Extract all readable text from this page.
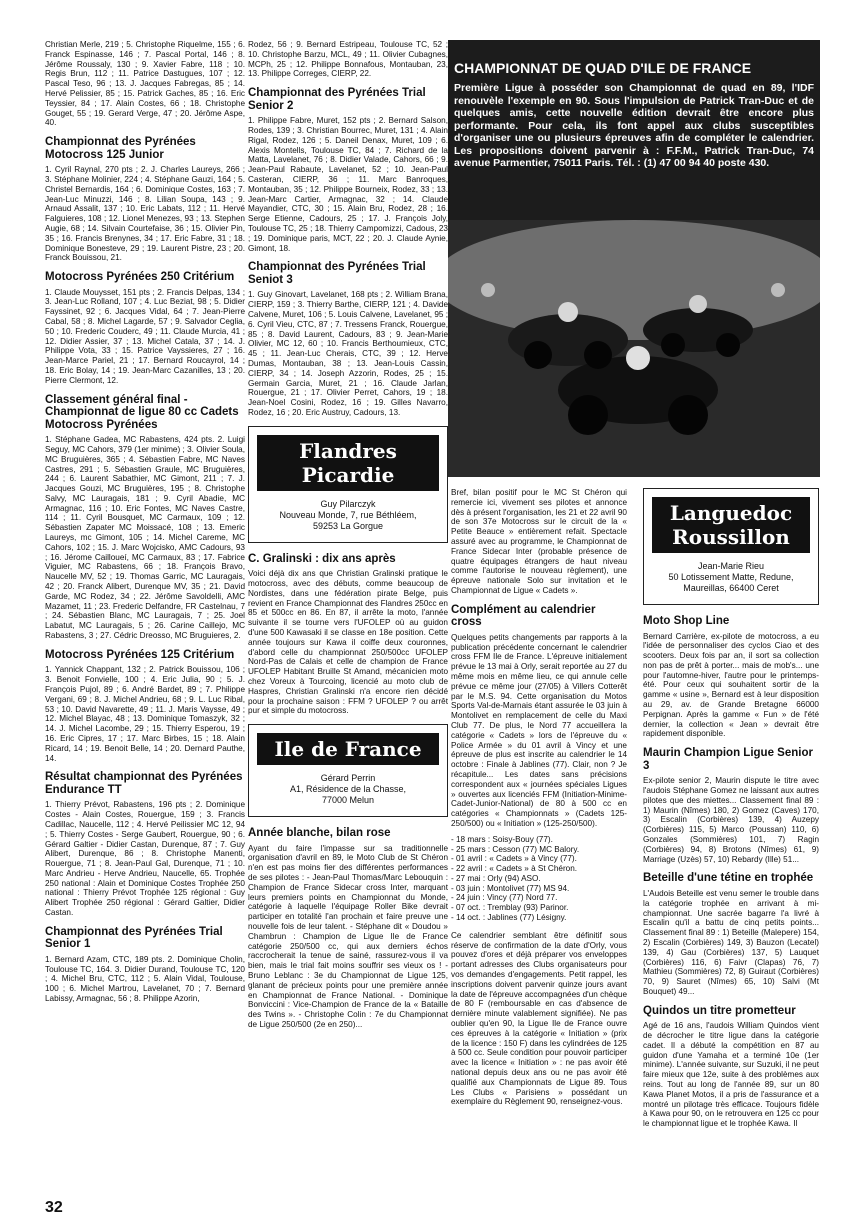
Christian Merle, 219 ; 5. Christophe Riquelme, 155 ; 6. Franck Espinasse, 146 ; 7. Pascal Portal, 146 ; 8. Jérôme Roussaly, 130 ; 9. Xavier Fabre, 118 ; 10. Regis Brun, 112 ; 11. Patrice Dastugues, 107 ; 12. Pascal Teso, 96 ; 13. J. Jacques Fabregas, 85 ; 14. Hervé Pelissier, 85 ; 15. Patrick Gaches, 85 ; 16. Eric Teyssier, 84 ; 17. Alain Costes, 66 ; 18. Christophe Gouget, 55 ; 19. Gerard Verge, 47 ; 20. Jérôme Aspe, 40.

Championnat des Pyrénées Motocross 125 Junior

1. Cyril Raynal, 270 pts ; 2. J. Charles Laureys, 266 ; 3. Stéphane Molinier, 224 ; 4. Stéphane Gauzi, 164 ; 5. Christel Bernardis, 164 ; 6. Dominique Costes, 163 ; 7. Jean-Luc Minuzzi, 146 ; 8. Lilian Soupa, 143 ; 9. Arnaud Assalit, 137 ; 10. Eric Labats, 112 ; 11. Hervé Falguieres, 108 ; 12. Lionel Menezes, 93 ; 13. Stephen Augie, 68 ; 14. Silvain Courtefaise, 36 ; 15. Olivier Pin, 35 ; 16. Francis Brenynes, 34 ; 17. Eric Fabre, 31 ; 18. Dominique Bonesteve, 29 ; 19. Laurent Pistre, 23 ; 20. Franck Bouissou, 21.

Motocross Pyrénées 250 Critérium

1. Claude Mouysset, 151 pts ; 2. Francis Delpas, 134 ; 3. Jean-Luc Rolland, 107 ; 4. Luc Beziat, 98 ; 5. Didier Fayssinet, 92 ; 6. Jacques Vidal, 64 ; 7. Jean-Pierre Cabal, 58 ; 8. Michel Lagarde, 57 ; 9. Salvador Ceglia, 50 ; 10. Frederic Couderc, 49 ; 11. Claude Murcia, 41 ; 12. Didier Assier, 37 ; 13. Michel Catala, 37 ; 14. J. Philippe Vota, 33 ; 15. Patrice Vayssieres, 27 ; 16. Jean-Marce Pariel, 21 ; 17. Bernard Roucayrol, 14 ; 18. Eric Bolay, 14 ; 19. Jean-Marc Cazanilles, 13 ; 20. Pierre Clermont, 12.

Classement général final - Championnat de ligue 80 cc Cadets Motocross Pyrénées

1. Stéphane Gadea, MC Rabastens, 424 pts. 2. Luigi Seguy, MC Cahors, 379 (1er minime) ; 3. Olivier Soula, MC Bruguières, 365 ; 4. Sébastien Fabre, MC Naves Castres, 291 ; 5. Sébastien Graule, MC Bruguières, 244 ; 6. Laurent Sabathier, MC Gimont, 211 ; 7. J. Jacques Gouzi, MC Bruguières, 195 ; 8. Christophe Salvy, MC Lauragais, 181 ; 9. Cyril Abadie, MC Armagnac, 116 ; 10. Eric Fontes, MC Naves Castre, 114 ; 11. Cyril Bousquet, MC Carmaux, 109 ; 12. Sébastien Zapater MC Moissacé, 108 ; 13. Emeric Laureys, mc Gimont, 105 ; 14. Michel Careme, MC Cahors, 102 ; 15. J. Marc Wojcisko, AMC Cadours, 93 ; 16. Jérome Cailloueí, MC Carmaux, 83 ; 17. Fabrice Viguier, MC Rabastens, 66 ; 18. François Bravo, Naucelle MV, 52 ; 19. Thomas Garric, MC Lauragais, 42 ; 20. Franck Alibert, Durenque MV, 35 ; 21. David Garde, MC Rodez, 34 ; 22. Jérôme Savoldelli, AMC Mazamet, 11 ; 23. Frederic Delfandre, FR Castelnau, 7 ; 24. Sébastien Blanc, MC Lauragais, 7 ; 25. Joel Labatut, MC Lauragais, 5 ; 26. Carine Caillejo, MC Rabastens, 3 ; 27. Cédric Dreosso, MC Bruguieres, 2.

Motocross Pyrénées 125 Critérium

1. Yannick Chappant, 132 ; 2. Patrick Bouissou, 106 ; 3. Benoit Fonvielle, 100 ; 4. Eric Julia, 90 ; 5. J. François Pujol, 89 ; 6. André Bardet, 89 ; 7. Philippe Vergani, 69 ; 8. J. Michel Andrieu, 68 ; 9. L. Luc Ribal, 53 ; 10. David Navarette, 49 ; 11. J. Maris Vaysse, 49 ; 12. Michel Blayac, 48 ; 13. Dominique Tomaszyk, 32 ; 14. J. Michel Lacombe, 29 ; 15. Thierry Esperou, 19 ; 16. Eric Cipres, 17 ; 17. Marc Birbes, 15 ; 18. Alain Ricard, 14 ; 19. Benoit Belle, 14 ; 20. Dernard Pauthe, 14.

Résultat championnat des Pyrénées Endurance TT

1. Thierry Prévot, Rabastens, 196 pts ; 2. Dominique Costes - Alain Costes, Rouergue, 159 ; 3. Francis Cadillac, Naucelle, 112 ; 4. Hervé Peilissier MC 12, 94 ; 5. Thierry Costes - Serge Gaubert, Rouergue, 90 ; 6. Gérard Galtier - Didier Castan, Durenque, 87 ; 7. Guy Alibert, Durenque, 86 ; 8. Christophe Manenti, Rouergue, 71 ; 8. Jean-Paul Gal, Durenque, 71 ; 10. Marc Andrieu - Herve Andrieu, Naucelle, 65. Trophée 250 national : Alain et Dominique Costes Trophée 250 national : Thierry Prévot Trophée 125 régional : Guy Alibert Trophée 250 régional : Gérard Galtier, Didier Castan.

Championnat des Pyrénées Trial Senior 1

1. Bernard Azam, CTC, 189 pts. 2. Dominique Cholin, Toulouse TC, 164. 3. Didier Durand, Toulouse TC, 120 ; 4. Michel Bru, CTC, 112 ; 5. Alain Vidal, Toulouse, 100 ; 6. Michel Martrou, Lavelanet, 70 ; 7. Bernard Labissy, Armagnac, 56 ; 8. Philippe Azorin,

Rodez, 56 ; 9. Bernard Estripeau, Toulouse TC, 52 ; 10. Christophe Barzu, MCL, 49 ; 11. Olivier Cubagnes, MCPh, 25 ; 12. Philippe Bonnafous, Montauban, 23, 13. Philippe Correges, CIERP, 22.

Championnat des Pyrénées Trial Senior 2

1. Philippe Fabre, Muret, 152 pts ; 2. Bernard Salson, Rodes, 139 ; 3. Christian Bourrec, Muret, 131 ; 4. Alain Rigal, Rodez, 126 ; 5. Daneil Denax, Muret, 109 ; 6. Alexis Montells, Toulouse TC, 84 ; 7. Richard de la Matta, Lavelanet, 76 ; 8. Didier Valade, Cahors, 66 ; 9. Jean-Paul Rabaute, Lavelanet, 52 ; 10. Jean-Paul Casteran, CIERP, 36 ; 11. Marc Banroques, Montauban, 35 ; 12. Philippe Bourneix, Rodez, 33 ; 13. Jean-Marc Cartier, Armagnac, 32 ; 14. Claude Mayandier, CTC, 30 ; 15. Alain Bru, Rodez, 28 ; 16. Serge Etienne, Cadours, 25 ; 17. J. François Joly, Toulouse TC, 25 ; 18. Thierry Campomizzi, Cadous, 23 ; 19. Dominique paris, MCT, 22 ; 20. J. Claude Aynie, Gimont, 18.

Championnat des Pyrénées Trial Seniot 3

1. Guy Ginovart, Lavelanet, 168 pts ; 2. William Brana, CIERP, 159 ; 3. Thierry Barthe, CIERP, 121 ; 4. Davide Calvene, Muret, 106 ; 5. Louis Calvene, Lavelanet, 95 ; 6. Cyril Vieu, CTC, 87 ; 7. Tressens Franck, Rouergue, 85 ; 8. David Laurent, Cadours, 83 ; 9. Jean-Marie Olivier, MC 12, 60 ; 10. Francis Berthoumieux, CTC, 45 ; 11. Jean-Luc Cherais, CTC, 39 ; 12. Herve Dumas, Montauban, 38 ; 13. Jean-Louis Cassin, CIERP, 34 ; 14. Joseph Azzorin, Rodes, 25 ; 15. Germain Garcia, Muret, 21 ; 16. Claude Jarlan, Rouergue, 21 ; 17. Olivier Perret, Cahors, 19 ; 18. Jean-Noel Cosini, Rodez, 16 ; 19. Gilles Navarro, Rodez, 16 ; 20. Eric Austruy, Cadours, 13.

Flandres Picardie
Guy Pilarczyk
Nouveau Monde, 7, rue Béthléem,
59253 La Gorgue
C. Gralinski : dix ans après

Voici déjà dix ans que Christian Gralinski pratique le motocross, avec des débuts, comme beaucoup de Nordistes, dans une fédération pirate Belge, puis revient en France Championnat des Flandres 250cc en 85 et 500cc en 86. En 87, il arrête la moto, l'année suivante il se tourne vers l'UFOLEP où au guidon d'une 500 Kawasaki il se classe en 18e position. Cette année toujours sur Kawa il coiffe deux couronnes, d'abord celle du championnat 250/500cc UFOLEP Nord-Pas de Calais et celle de champion de France UFOLEP Habitant Bruille St Amand, mécanicien moto chez Voreux à Tourcoing, licencié au moto club de Haspres, Christian Gralinski n'a encore rien décidé pour la prochaine saison : FFM ? UFOLEP ? ou arrêt pur et simple du motocross.

Ile de France
Gérard Perrin
A1, Résidence de la Chasse,
77000 Melun
Année blanche, bilan rose

Ayant du faire l'impasse sur sa traditionnelle organisation d'avril en 89, le Moto Club de St Chéron n'en est pas moins fier des différentes performances de ses pilotes : - Jean-Paul Thomas/Marc Lebouquin : Champion de France Sidecar cross Inter, marquant leurs premiers points en Championnat du Monde, catégorie à laquelle l'équipage Roller Bike devrait participer en totalité l'an prochain et faire preuve une nouvelle fois de leur talent. - Stéphane dit « Doudou » Chambrun : Champion de Ligue Ile de France catégorie 250/500 cc, qui aux derniers échos raccrocherait la tenue de sainé, rassurez-vous il va bien, mais le trial fait moins souffrir ses vieux os ! - Bruno Leblanc : 3e du Championnat de Ligue 125, glanant de précieux points pour une première année en Championnat de France National. - Dominique Bonviccini : Vice-Champion de France de la « Bataille des Twins ». - Christophe Colin : 7e du Championnat de Ligue 250/500 (2e en 250)...

CHAMPIONNAT DE QUAD D'ILE DE FRANCE
Première Ligue à posséder son Championnat de quad en 89, l'IDF renouvèle l'exemple en 90. Sous l'impulsion de Patrick Tran-Duc et de quelques amis, cette nouvelle édition devrait être encore plus performante. Pour cela, ils font appel aux clubs susceptibles d'organiser une ou plusieurs épreuves afin de compléter le calendrier. Les propositions doivent parvenir à : F.F.M., Patrick Tran-Duc, 74 avenue Parmentier, 75011 Paris. Tél. : (1) 47 00 94 40 poste 430.

Bref, bilan positif pour le MC St Chéron qui remercie ici, vivement ses pilotes et annonce dès à présent l'organisation, les 21 et 22 avril 90 de son 37e Motocross sur le circuit de la « Petite Beauce » entièrement refait. Spectacle assuré avec au programme, le Championnat de France Sidecar Inter (probable présence de quatre équipages étrangers de haut niveau comme l'autorise le nouveau règlement), une épreuve nationale Solo sur invitation et le Championnat de Ligue « Cadets ».

Complément au calendrier cross

Quelques petits changements par rapports à la publication précédente concernant le calendrier cross FFM Ile de France. L'épreuve initialement prévue le 13 mai à Orly, serait reportée au 27 du même mois en même lieu, ce qui annule celle prévue ce même jour (27/05) à Villers Cotterêt par le M.S. 94. Cette organisation du Motos Sports Val-de-Marnais étant assurée le 03 juin à Montolivet en remplacement de celle du Maxi Club 77. De plus, le Nord 77 accueillera la catégorie « Cadets » lors de l'épreuve du « Police Armée » du 01 avril à Vincy et une épreuve de plus est inscrite au calendrier le 14 octobre : Finale à Jablines (77). Clair, non ? Je récapitule... Les dates sans précisions correspondent aux « journées spéciales Ligues » ouvertes aux licenciés FFM (Initiation-Minime-Cadet-Junior-National) de 80 à 500 cc en catégories « Championnats » (Cadets 125-250/500) ou « Initiation » (125-250/500).

- 18 mars : Soisy-Bouy (77).
- 25 mars : Cesson (77) MC Balory.
- 01 avril : « Cadets » à Vincy (77).
- 22 avril : « Cadets » à St Chéron.
- 27 mai : Orly (94) ASO.
- 03 juin : Montolivet (77) MS 94.
- 24 juin : Vincy (77) Nord 77.
- 07 oct. : Tremblay (93) Parinor.
- 14 oct. : Jablines (77) Lésigny.

Ce calendrier semblant être définitif sous réserve de confirmation de la date d'Orly, vous pouvez d'ores et déjà préparer vos enveloppes portant adresses des Clubs organisateurs pour vos demandes d'engagements. Petit rappel, les inscriptions doivent parvenir quinze jours avant la date de l'épreuve accompagnées d'un chèque de 80 F (remboursable en cas d'absence de dernière minute valablement signifiée). Ne pas oublier qu'en 90, la Ligue Ile de France ouvre ces épreuves à la catégorie « Initiation » (prix de la licence : 150 F) dans les cylindrées de 125 à 500 cc. Seule condition pour pouvoir participer avec la licence « Initiation » : ne pas avoir été national depuis deux ans ou ne pas avoir été qualifié aux Championnats de Ligue 89. Tous Les Clubs « Parisiens » possédant un exemplaire du Règlement 90, renseignez-vous.

Languedoc Roussillon
Jean-Marie Rieu
50 Lotissement Matte, Redune,
Maureillas, 66400 Ceret
Moto Shop Line

Bernard Carrière, ex-pilote de motocross, a eu l'idée de personnaliser des cyclos Ciao et des scooters. Deux fois par an, il sort sa collection non pas de prêt à porter... mais de mob's... une pour l'automne-hiver, l'autre pour le printemps-été. Pour ceux qui souhaitent sortir de la gamme « usine », Bernard est à leur disposition au 29, av. de Grande Bretagne 66000 Perpignan. Après la gamme « Fun » de l'été dernier, la collection « Jean » devrait être rapidement disponible.

Maurin Champion Ligue Senior 3

Ex-pilote senior 2, Maurin dispute le titre avec l'audois Stéphane Gomez ne laissant aux autres pilotes que des miettes... Classement final 89 : 1) Maurin (Nîmes) 180, 2) Gomez (Caves) 170, 3) Escalin (Corbières) 139, 4) Auzepy (Corbières) 115, 5) Marco (Poussan) 110, 6) Gonzales (Sommières) 101, 7) Ragin (Corbières) 94, 8) Brotons (Nîmes) 61, 9) Marriage (Uzès) 57, 10) Rebardy (Ille) 51...

Beteille d'une tétine en trophée

L'Audois Beteille est venu semer le trouble dans la catégorie trophée en arrivant à mi-championnat. Une sacrée bagarre l'a livré à Escalin qu'il a battu de cinq petits points... Classement final 89 : 1) Beteille (Malepere) 154, 2) Escalin (Corbières) 149, 3) Bauzon (Lecatel) 139, 4) Gau (Corbières) 137, 5) Lauquet (Corbières) 116, 6) Faivr (Clapas) 76, 7) Mathieu (Sommières) 72, 8) Guiraut (Corbières) 70, 9) Sauret (Nîmes) 65, 10) Salvi (Mt Bouquet) 49...

Quindos un titre prometteur

Agé de 16 ans, l'audois William Quindos vient de décrocher le titre ligue dans la catégorie cadet. Il a débuté la compétition en 87 au guidon d'une Yamaha et a terminé 10e (1er minime). L'année suivante, sur Suzuki, il ne peut faire mieux que 12e, suite à des problèmes aux reins. Tout au long de l'année 89, sur un 80 Kawa Planet Motos, il a pris de l'assurance et a montré un pilotage très efficace. Toujours fidèle à Kawa pour 90, on le retrouvera en 125 cc pour le championnat ligue et le trophée Kawa. Il

32
